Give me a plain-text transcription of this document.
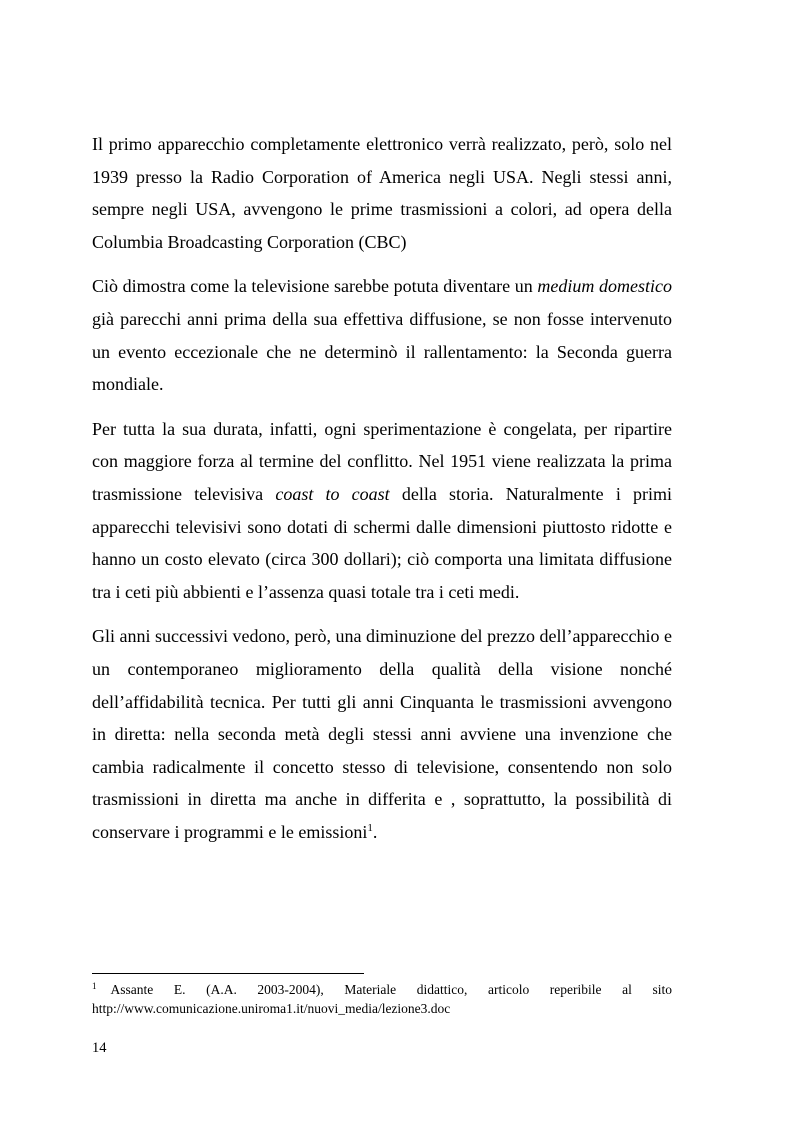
Il primo apparecchio completamente elettronico verrà realizzato, però, solo nel 1939 presso la Radio Corporation of America negli USA. Negli stessi anni, sempre negli USA, avvengono le prime trasmissioni a colori, ad opera della Columbia Broadcasting Corporation (CBC)

Ciò dimostra come la televisione sarebbe potuta diventare un medium domestico già parecchi anni prima della sua effettiva diffusione, se non fosse intervenuto un evento eccezionale che ne determinò il rallentamento: la Seconda guerra mondiale.

Per tutta la sua durata, infatti, ogni sperimentazione è congelata, per ripartire con maggiore forza al termine del conflitto. Nel 1951 viene realizzata la prima trasmissione televisiva coast to coast della storia. Naturalmente i primi apparecchi televisivi sono dotati di schermi dalle dimensioni piuttosto ridotte e hanno un costo elevato (circa 300 dollari); ciò comporta una limitata diffusione tra i ceti più abbienti e l’assenza quasi totale tra i ceti medi.

Gli anni successivi vedono, però, una diminuzione del prezzo dell’apparecchio e un contemporaneo miglioramento della qualità della visione nonché dell’affidabilità tecnica. Per tutti gli anni Cinquanta le trasmissioni avvengono in diretta: nella seconda metà degli stessi anni avviene una invenzione che cambia radicalmente il concetto stesso di televisione, consentendo non solo trasmissioni in diretta ma anche in differita e , soprattutto, la possibilità di conservare i programmi e le emissioni$^1$.

$^1$ Assante E. (A.A. 2003-2004), Materiale didattico, articolo reperibile al sito http://www.comunicazione.uniroma1.it/nuovi_media/lezione3.doc
14
